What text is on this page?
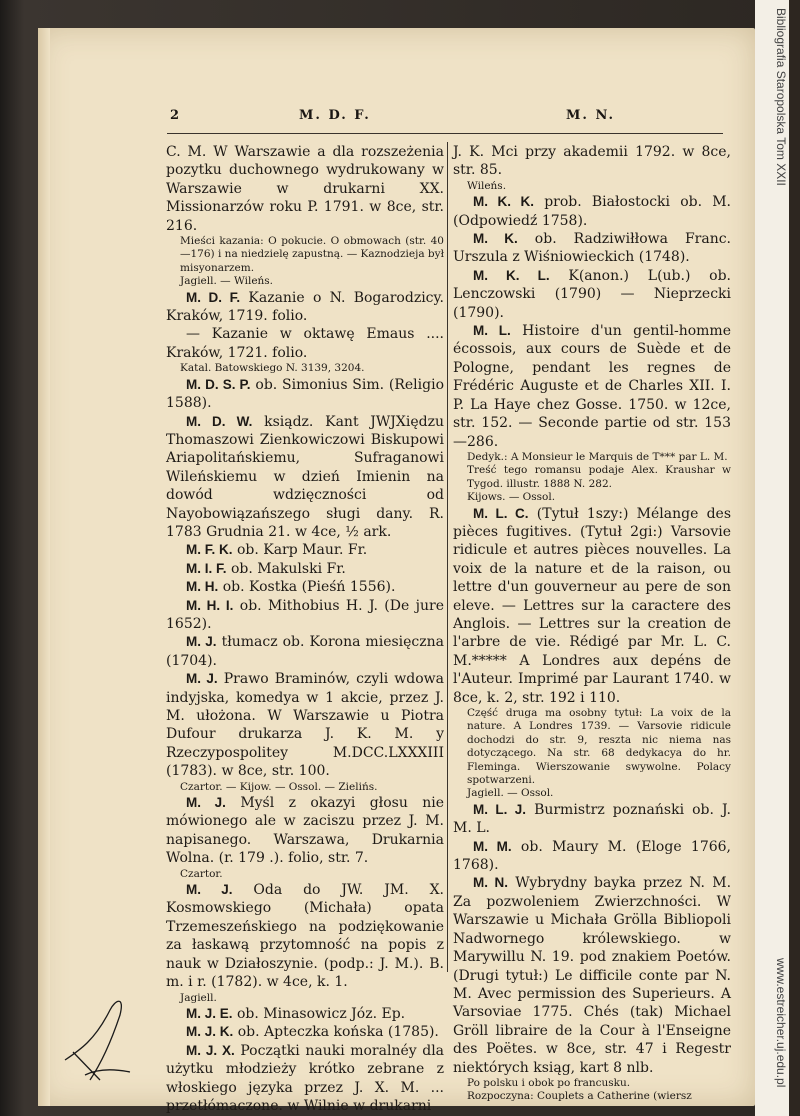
Bibliografia Staropolska Tom XXII
www.estreicher.uj.edu.pl
2	M. D. F.	M. N.

C. M. W Warszawie a dla rozszeżenia pozytku duchownego wydrukowany w Warszawie w drukarni XX. Missionarzów roku P. 1791. w 8ce, str. 216.

Mieści kazania: O pokucie. O obmowach (str. 40—176) i na niedzielę zapustną. — Kaznodzieja był misyonarzem.

Jagiell. — Wileńs.

M. D. F. Kazanie o N. Bogarodzicy. Kraków, 1719. folio.

— Kazanie w oktawę Emaus .... Kraków, 1721. folio.

Katal. Batowskiego N. 3139, 3204.

M. D. S. P. ob. Simonius Sim. (Religio 1588).

M. D. W. ksiądz. Kant JWJXiędzu Thomaszowi Zienkowiczowi Biskupowi Ariapolitańskiemu, Sufraganowi Wileńskiemu w dzień Imienin na dowód wdzięczności od Nayobowiązańszego sługi dany. R. 1783 Grudnia 21. w 4ce, ½ ark.

M. F. K. ob. Karp Maur. Fr.

M. I. F. ob. Makulski Fr.

M. H. ob. Kostka (Pieśń 1556).

M. H. I. ob. Mithobius H. J. (De jure 1652).

M. J. tłumacz ob. Korona miesięczna (1704).

M. J. Prawo Braminów, czyli wdowa indyjska, komedya w 1 akcie, przez J. M. ułożona. W Warszawie u Piotra Dufour drukarza J. K. M. y Rzeczypospolitey M.DCC.LXXXIII (1783). w 8ce, str. 100.

Czartor. — Kijow. — Ossol. — Zielińs.

M. J. Myśl z okazyi głosu nie mówionego ale w zaciszu przez J. M. napisanego. Warszawa, Drukarnia Wolna. (r. 179 .). folio, str. 7.

Czartor.

M. J. Oda do JW. JM. X. Kosmowskiego (Michała) opata Trzemeszeńskiego na podziękowanie za łaskawą przytomność na popis z nauk w Działoszynie. (podp.: J. M.). B. m. i r. (1782). w 4ce, k. 1.

Jagiell.

M. J. E. ob. Minasowicz Józ. Ep.

M. J. K. ob. Apteczka końska (1785).

M. J. X. Początki nauki moralnéy dla użytku młodzieży krótko zebrane z włoskiego języka przez J. X. M. ... przetłómaczone. w Wilnie w drukarni

J. K. Mci przy akademii 1792. w 8ce, str. 85.

Wileńs.

M. K. K. prob. Białostocki ob. M. (Odpowiedź 1758).

M. K. ob. Radziwiłłowa Franc. Urszula z Wiśniowieckich (1748).

M. K. L. K(anon.) L(ub.) ob. Lenczowski (1790) — Nieprzecki (1790).

M. L. Histoire d'un gentil-homme écossois, aux cours de Suède et de Pologne, pendant les regnes de Frédéric Auguste et de Charles XII. I. P. La Haye chez Gosse. 1750. w 12ce, str. 152. — Seconde partie od str. 153—286.

Dedyk.: A Monsieur le Marquis de T*** par L. M.

Treść tego romansu podaje Alex. Kraushar w Tygod. illustr. 1888 N. 282.

Kijows. — Ossol.

M. L. C. (Tytuł 1szy:) Mélange des pièces fugitives. (Tytuł 2gi:) Varsovie ridicule et autres pièces nouvelles. La voix de la nature et de la raison, ou lettre d'un gouverneur au pere de son eleve. — Lettres sur la caractere des Anglois. — Lettres sur la creation de l'arbre de vie. Rédigé par Mr. L. C. M.***** A Londres aux depéns de l'Auteur. Imprimé par Laurant 1740. w 8ce, k. 2, str. 192 i 110.

Część druga ma osobny tytuł: La voix de la nature. A Londres 1739. — Varsovie ridicule dochodzi do str. 9, reszta nic niema nas dotyczącego. Na str. 68 dedykacya do hr. Fleminga. Wierszowanie swywolne. Polacy spotwarzeni.

Jagiell. — Ossol.

M. L. J. Burmistrz poznański ob. J. M. L.

M. M. ob. Maury M. (Eloge 1766, 1768).

M. N. Wybrydny bayka przez N. M. Za pozwoleniem Zwierzchności. W Warszawie u Michała Grölla Bibliopoli Nadwornego królewskiego. w Marywillu N. 19. pod znakiem Poetów. (Drugi tytuł:) Le difficile conte par N. M. Avec permission des Superieurs. A Varsoviae 1775. Chés (tak) Michael Gröll libraire de la Cour à l'Enseigne des Poëtes. w 8ce, str. 47 i Regestr niektórych ksiąg, kart 8 nlb.

Po polsku i obok po francusku.

Rozpoczyna: Couplets a Catherine (wiersz
